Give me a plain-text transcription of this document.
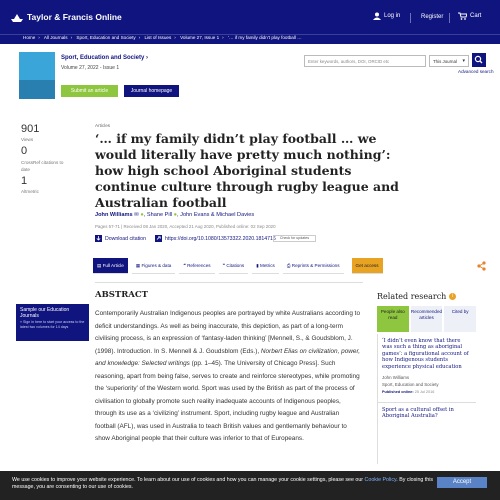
Taylor & Francis Online	Log in	Register	Cart
Home › All Journals › Sport, Education and Society › List of Issues › Volume 27, Issue 1 › ‘… if my family didn’t play football …
Sport, Education and Society ›
Volume 27, 2022 - Issue 1
Submit an article	Journal homepage
Enter keywords, authors, DOI, ORCID etc	This Journal ▾
Advanced search
901
Views
0
CrossRef citations to date
1
Altmetric
Articles
‘… if my family didn’t play football … we would literally have pretty much nothing’: how high school Aboriginal students continue culture through rugby league and Australian football
John Williams ✉ ●, Shane Pill ●, John Evans & Michael Davies
Pages 57-71 | Received 08 Jan 2020, Accepted 21 Aug 2020, Published online: 02 Sep 2020
Download citation	https://doi.org/10.1080/13573322.2020.1814716	Check for updates
▤ Full Article	▦ Figures & data	❝ References	❞ Citations	▮ Metrics	⎙ Reprints & Permissions	Get access
ABSTRACT
Contemporarily Australian Indigenous peoples are portrayed by white Australians according to deficit understandings. As well as being inaccurate, this depiction, as part of a long-term civilising process, is an expression of ‘fantasy-laden thinking’ [Mennell, S., & Goudsblom, J. (1998). Introduction. In S. Mennell & J. Goudsblom (Eds.), Norbert Elias on civilization, power, and knowledge: Selected writings (pp. 1–45). The University of Chicago Press]. Such reasoning, apart from being false, serves to create and reinforce stereotypes, while promoting the ‘superiority’ of the Western world. Sport was used by the British as part of the process of civilisation to globally promote such reality inadequate accounts of Indigenous peoples, through its use as a ‘civilizing’ instrument. Sport, including rugby league and Australian football (AFL), was used in Australia to teach British values and gentlemanly behaviour to show Aboriginal people that their culture was inferior to that of Europeans.
Sample our Education Journals
» Sign in here to start your access to the latest two volumes for 14 days
Related research	i
People also read
Recommended articles
Cited by
‘I didn’t even know that there was such a thing as aboriginal games’: a figurational account of how Indigenous students experience physical education
John Williams
Sport, Education and Society
Published online: 25 Jul 2016
Sport as a cultural offset in Aboriginal Australia?
We use cookies to improve your website experience. To learn about our use of cookies and how you can manage your cookie settings, please see our Cookie Policy. By closing this message, you are consenting to our use of cookies.
Accept
